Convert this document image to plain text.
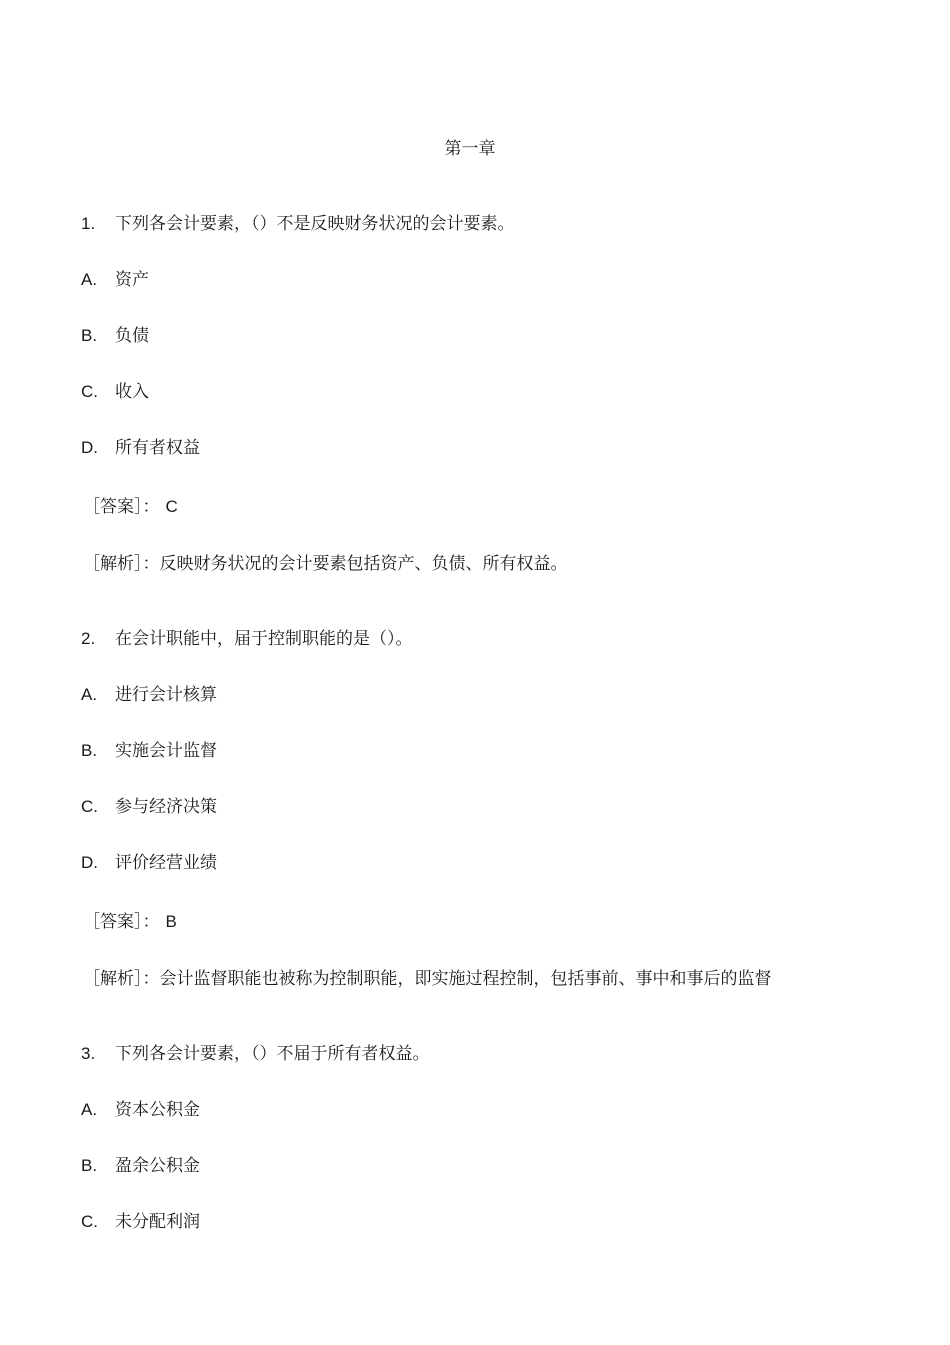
第一章
1. 下列各会计要素，（）不是反映财务状况的会计要素。
A. 资产
B. 负债
C. 收入
D. 所有者权益
［答案］： C
［解析］：反映财务状况的会计要素包括资产、负债、所有权益。
2. 在会计职能中，届于控制职能的是（）。
A. 进行会计核算
B. 实施会计监督
C. 参与经济决策
D. 评价经营业绩
［答案］： B
［解析］：会计监督职能也被称为控制职能，即实施过程控制，包括事前、事中和事后的监督
3. 下列各会计要素，（）不届于所有者权益。
A. 资本公积金
B. 盈余公积金
C. 未分配利润
